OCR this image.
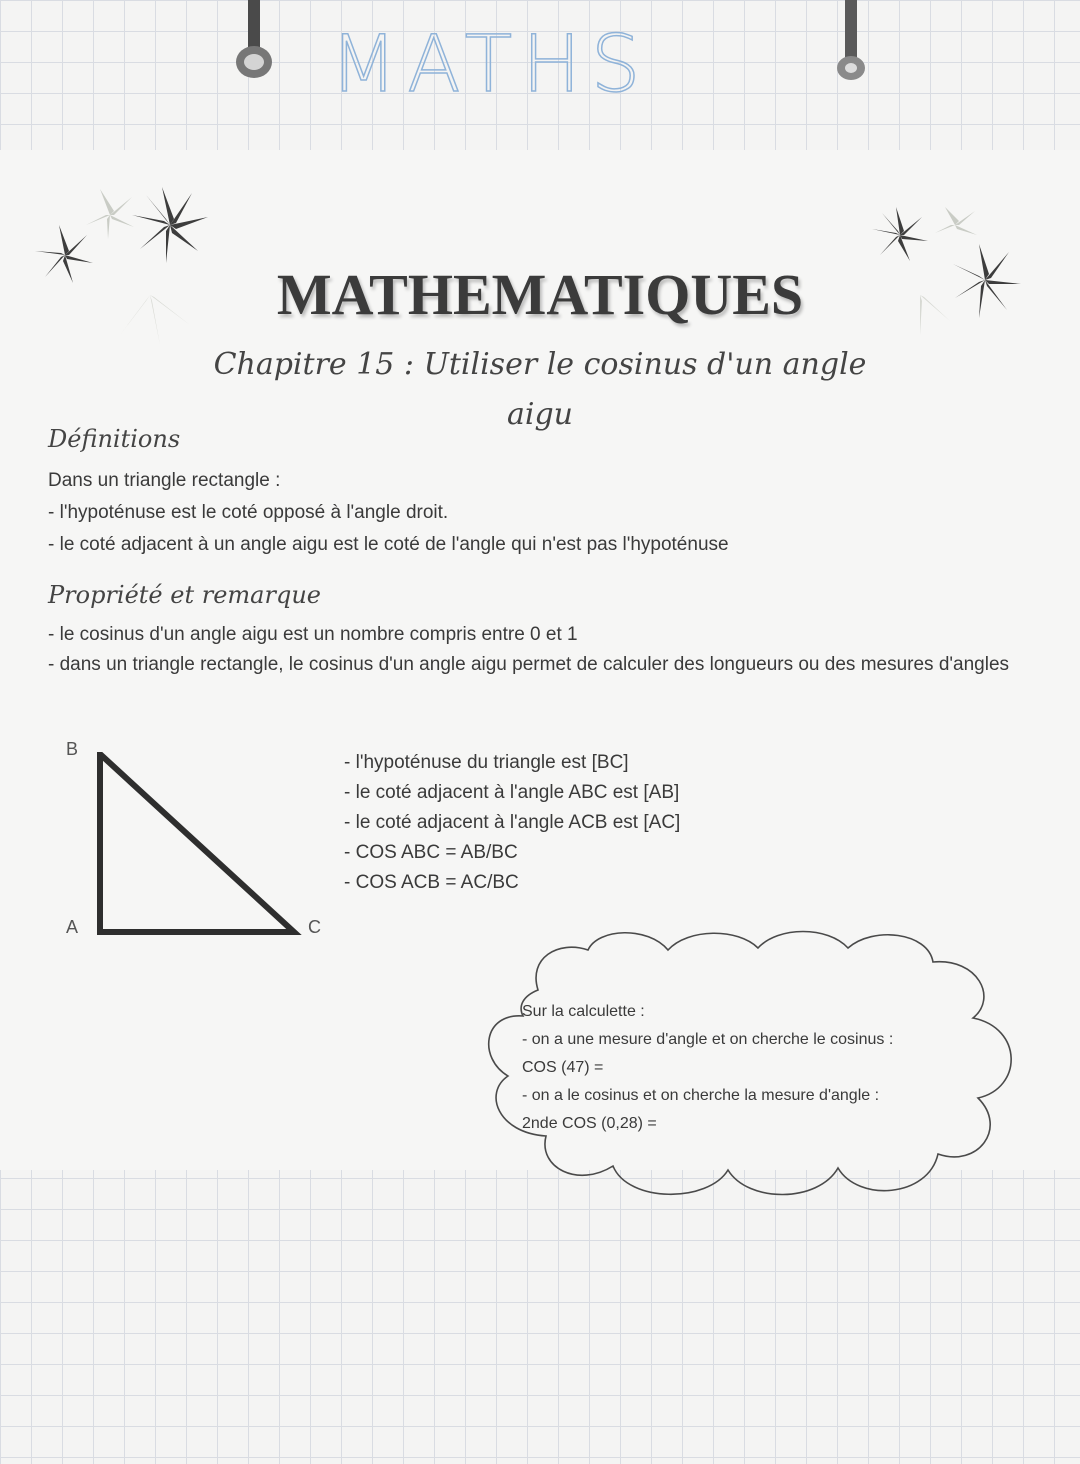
MATHS
MATHEMATIQUES
Chapitre 15 : Utiliser le cosinus d'un angle aigu
Définitions
Dans un triangle rectangle :
- l'hypoténuse est le coté opposé à l'angle droit.
- le coté adjacent à un angle aigu est le coté de l'angle qui n'est pas l'hypoténuse
Propriété et remarque
- le cosinus d'un angle aigu est un nombre compris entre 0 et 1
- dans un triangle rectangle, le cosinus d'un angle aigu permet de calculer des longueurs ou des mesures d'angles
B
A	C
- l'hypoténuse du triangle est [BC]
- le coté adjacent à l'angle ABC est [AB]
- le coté adjacent à l'angle ACB est [AC]
- COS ABC = AB/BC
- COS ACB = AC/BC
Sur la calculette :
- on a une mesure d'angle et on cherche le cosinus :
COS (47) =
- on a le cosinus et on cherche la mesure d'angle :
2nde COS (0,28) =
